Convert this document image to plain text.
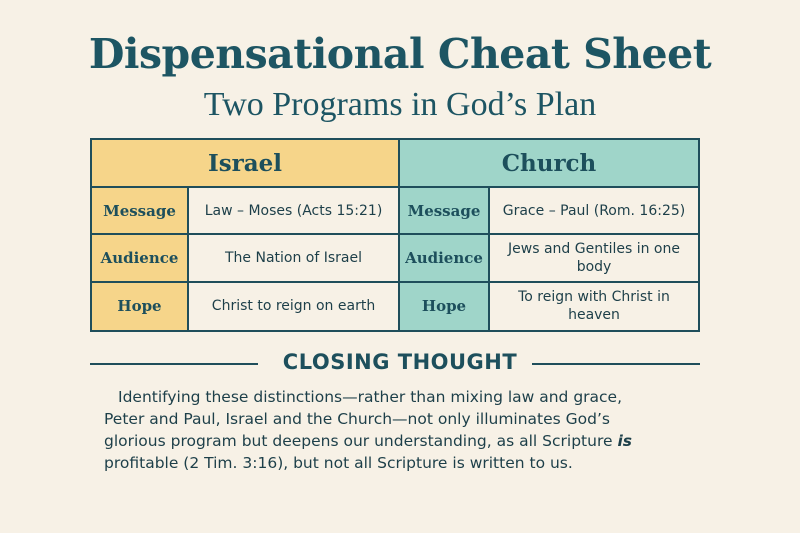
Dispensational Cheat Sheet
Two Programs in God’s Plan
Israel	Church
Message	Law – Moses (Acts 15:21)	Message	Grace – Paul (Rom. 16:25)
Audience	The Nation of Israel	Audience	Jews and Gentiles in one body
Hope	Christ to reign on earth	Hope	To reign with Christ in heaven
CLOSING THOUGHT
Identifying these distinctions—rather than mixing law and grace,
Peter and Paul, Israel and the Church—not only illuminates God’s
glorious program but deepens our understanding, as all Scripture is
profitable (2 Tim. 3:16), but not all Scripture is written to us.
